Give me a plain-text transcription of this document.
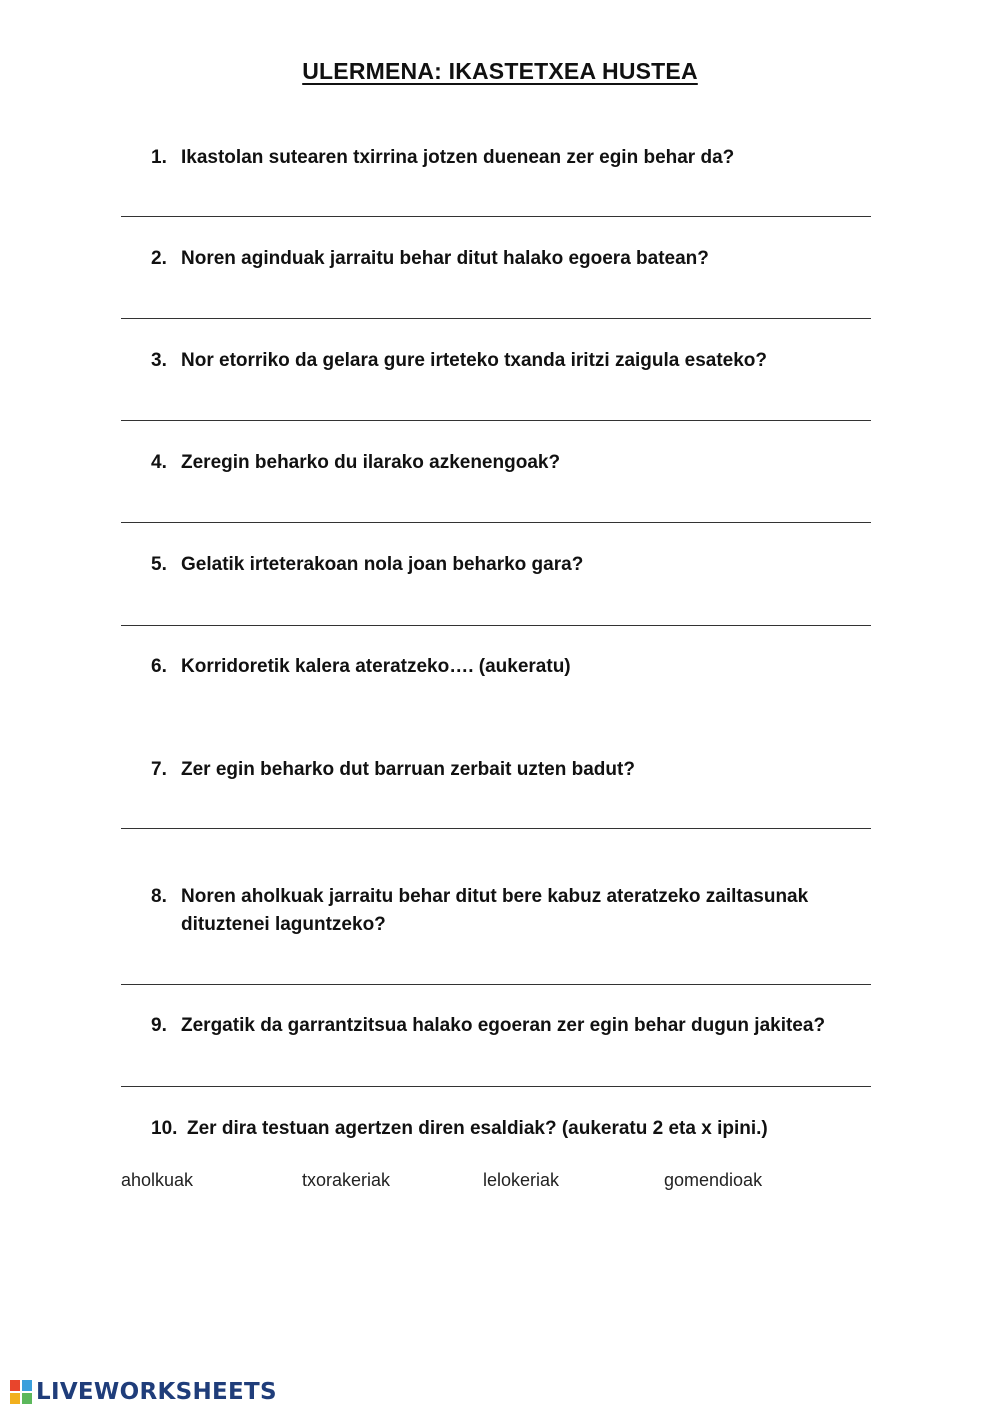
ULERMENA: IKASTETXEA HUSTEA
1. Ikastolan sutearen txirrina jotzen duenean zer egin behar da?
2. Noren aginduak jarraitu behar ditut halako egoera batean?
3. Nor etorriko da gelara gure irteteko txanda iritzi zaigula esateko?
4. Zeregin beharko du ilarako azkenengoak?
5. Gelatik irteterakoan nola joan beharko gara?
6. Korridoretik kalera ateratzeko…. (aukeratu)
7. Zer egin beharko dut barruan zerbait uzten badut?
8. Noren aholkuak jarraitu behar ditut bere kabuz ateratzeko zailtasunak dituztenei laguntzeko?
9. Zergatik da garrantzitsua halako egoeran zer egin behar dugun jakitea?
10. Zer dira testuan agertzen diren esaldiak? (aukeratu 2 eta x ipini.)
aholkuak	txorakeriak	lelokeriak	gomendioak
LIVEWORKSHEETS
